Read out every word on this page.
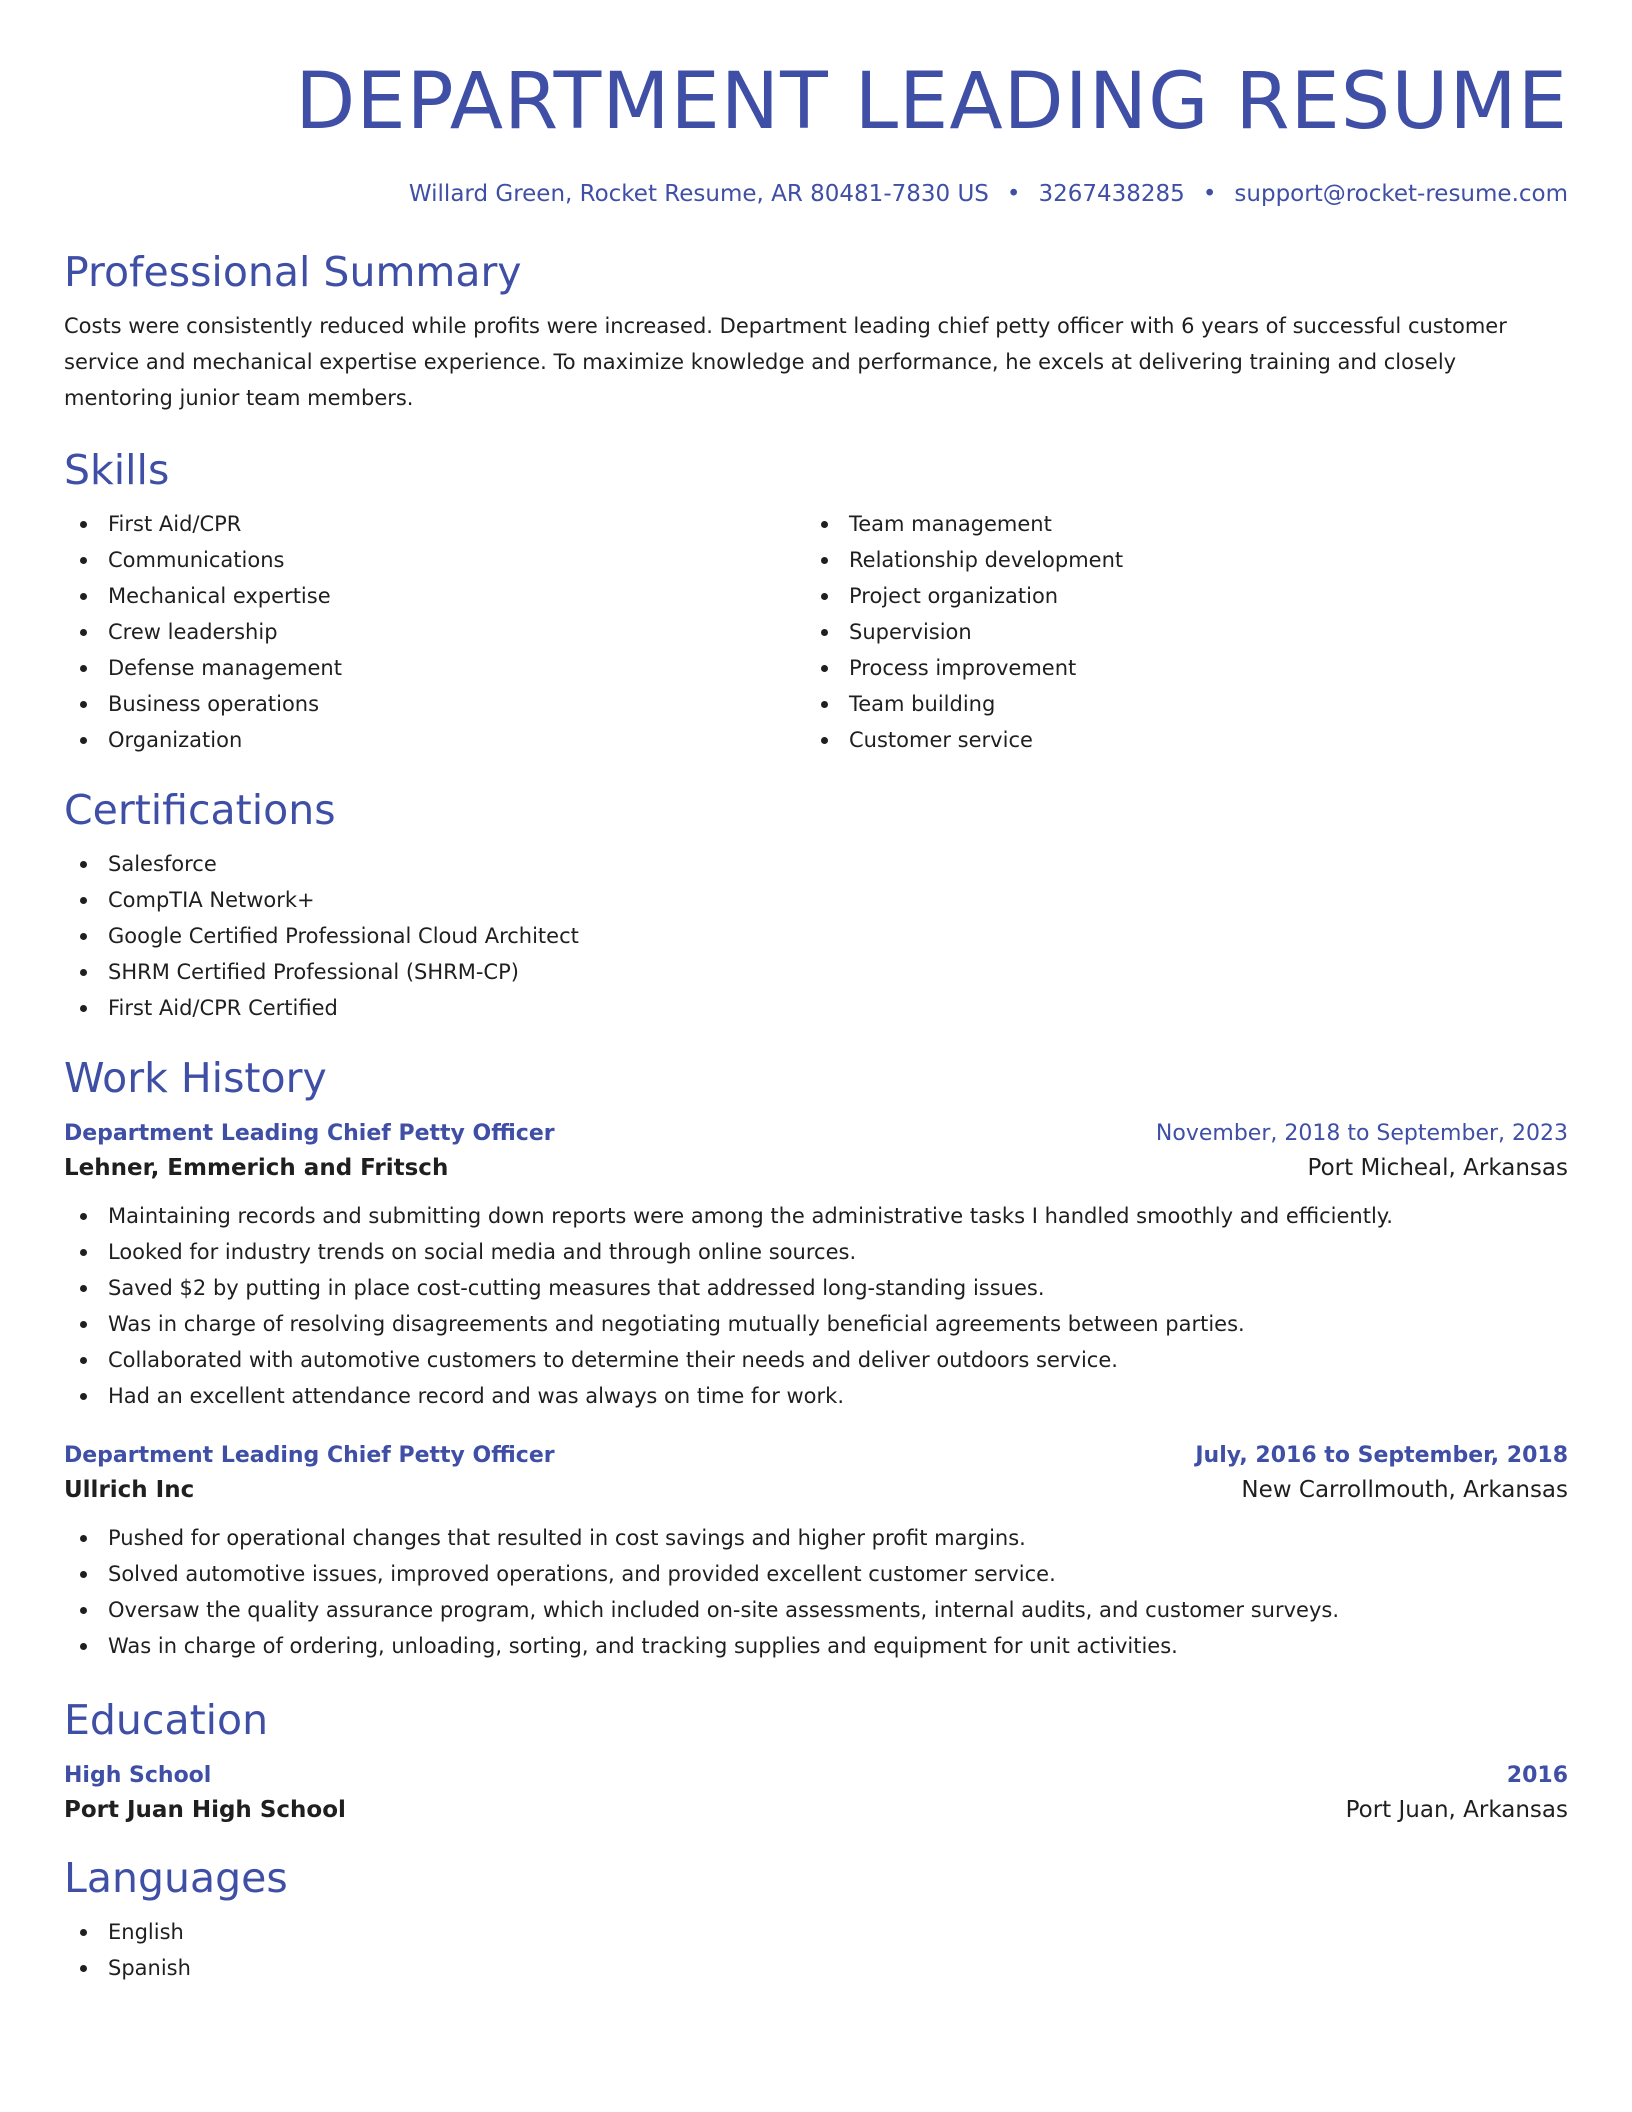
DEPARTMENT LEADING RESUME
Willard Green, Rocket Resume, AR 80481-7830 US • 3267438285 • support@rocket-resume.com
Professional Summary
Costs were consistently reduced while profits were increased. Department leading chief petty officer with 6 years of successful customer service and mechanical expertise experience. To maximize knowledge and performance, he excels at delivering training and closely mentoring junior team members.
Skills
First Aid/CPR
Communications
Mechanical expertise
Crew leadership
Defense management
Business operations
Organization
Team management
Relationship development
Project organization
Supervision
Process improvement
Team building
Customer service
Certifications
Salesforce
CompTIA Network+
Google Certified Professional Cloud Architect
SHRM Certified Professional (SHRM-CP)
First Aid/CPR Certified
Work History
Department Leading Chief Petty Officer	November, 2018 to September, 2023
Lehner, Emmerich and Fritsch	Port Micheal, Arkansas
Maintaining records and submitting down reports were among the administrative tasks I handled smoothly and efficiently.
Looked for industry trends on social media and through online sources.
Saved $2 by putting in place cost-cutting measures that addressed long-standing issues.
Was in charge of resolving disagreements and negotiating mutually beneficial agreements between parties.
Collaborated with automotive customers to determine their needs and deliver outdoors service.
Had an excellent attendance record and was always on time for work.
Department Leading Chief Petty Officer	July, 2016 to September, 2018
Ullrich Inc	New Carrollmouth, Arkansas
Pushed for operational changes that resulted in cost savings and higher profit margins.
Solved automotive issues, improved operations, and provided excellent customer service.
Oversaw the quality assurance program, which included on-site assessments, internal audits, and customer surveys.
Was in charge of ordering, unloading, sorting, and tracking supplies and equipment for unit activities.
Education
High School	2016
Port Juan High School	Port Juan, Arkansas
Languages
English
Spanish
